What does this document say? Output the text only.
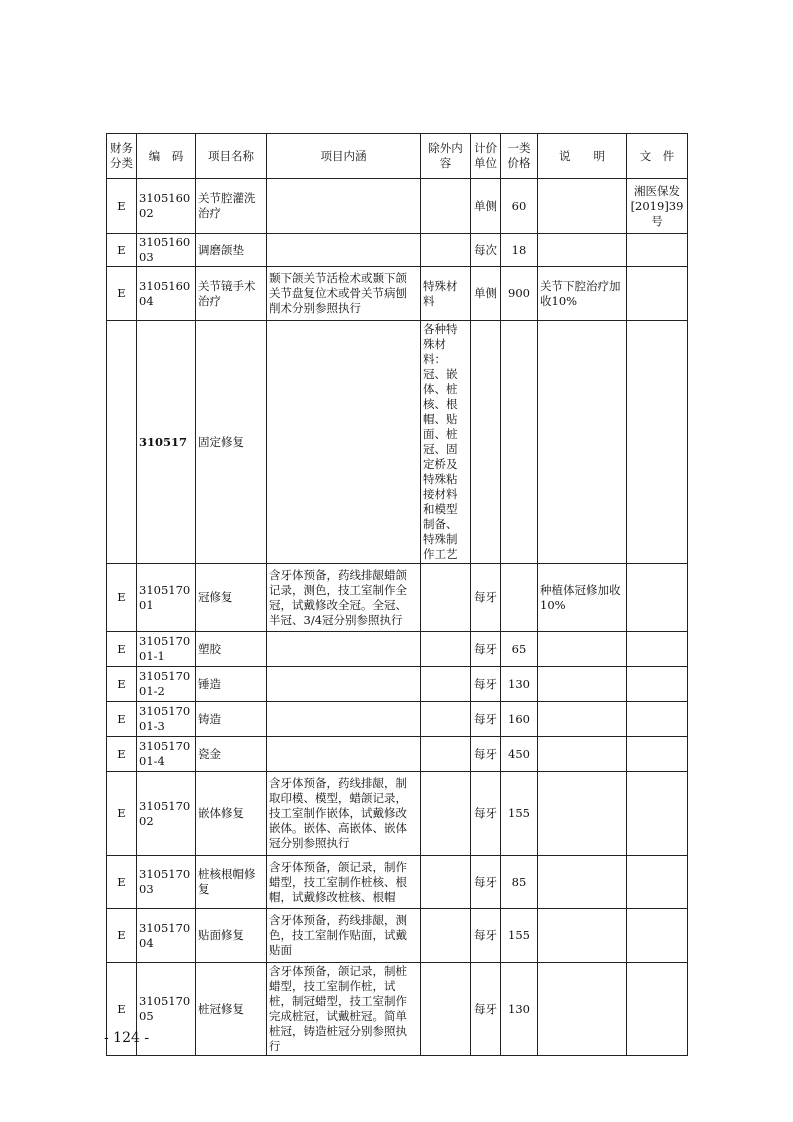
财务分类	编　码	项目名称	项目内涵	除外内容	计价单位	一类价格	说　　明	文　件
E	310516002	关节腔灌洗治疗			单侧	60		湘医保发[2019]39号
E	310516003	调磨颌垫			每次	18		
E	310516004	关节镜手术治疗	颞下颌关节活检术或颞下颌关节盘复位术或骨关节病刨削术分别参照执行	特殊材料	单侧	900	关节下腔治疗加收10%	
	310517	固定修复		各种特殊材料：冠、嵌体、桩核、根帽、贴面、桩冠、固定桥及特殊粘接材料和模型制备、特殊制作工艺				
E	310517001	冠修复	含牙体预备，药线排龈蜡颌记录，测色，技工室制作全冠，试戴修改全冠。全冠、半冠、3/4冠分别参照执行		每牙		种植体冠修加收10%	
E	310517001-1	塑胶			每牙	65		
E	310517001-2	锤造			每牙	130		
E	310517001-3	铸造			每牙	160		
E	310517001-4	瓷金			每牙	450		
E	310517002	嵌体修复	含牙体预备，药线排龈，制取印模、模型，蜡颌记录，技工室制作嵌体，试戴修改嵌体。嵌体、高嵌体、嵌体冠分别参照执行		每牙	155		
E	310517003	桩核根帽修复	含牙体预备，颌记录，制作蜡型，技工室制作桩核、根帽，试戴修改桩核、根帽		每牙	85		
E	310517004	贴面修复	含牙体预备，药线排龈，测色，技工室制作贴面，试戴贴面		每牙	155		
E	310517005	桩冠修复	含牙体预备，颌记录，制桩蜡型，技工室制作桩，试桩，制冠蜡型，技工室制作完成桩冠，试戴桩冠。简单桩冠，铸造桩冠分别参照执行		每牙	130		
- 124 -
